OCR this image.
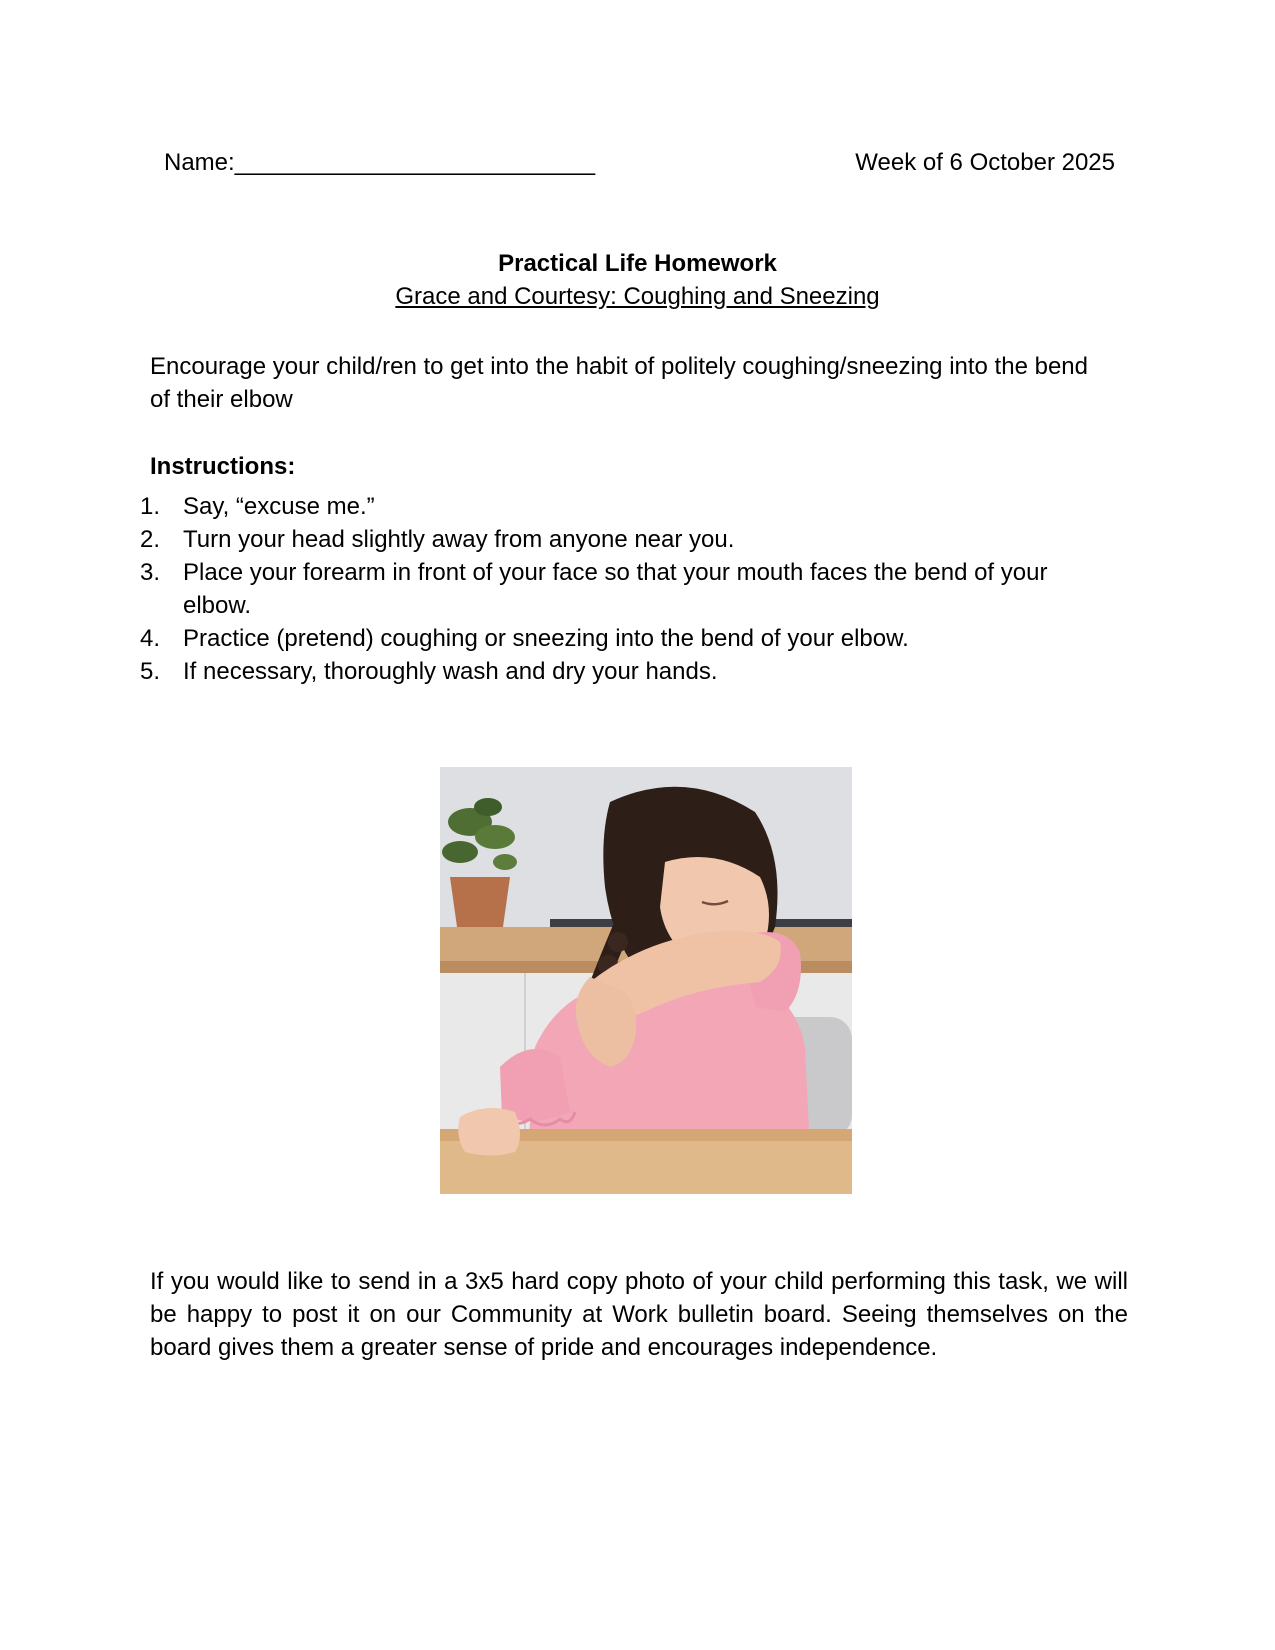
Name:___________________________	Week of 6 October 2025
Practical Life Homework
Grace and Courtesy: Coughing and Sneezing
Encourage your child/ren to get into the habit of politely coughing/sneezing into the bend of their elbow
Instructions:
1. Say, “excuse me.”
2. Turn your head slightly away from anyone near you.
3. Place your forearm in front of your face so that your mouth faces the bend of your elbow.
4. Practice (pretend) coughing or sneezing into the bend of your elbow.
5. If necessary, thoroughly wash and dry your hands.
If you would like to send in a 3x5 hard copy photo of your child performing this task, we will be happy to post it on our Community at Work bulletin board. Seeing themselves on the board gives them a greater sense of pride and encourages independence.
